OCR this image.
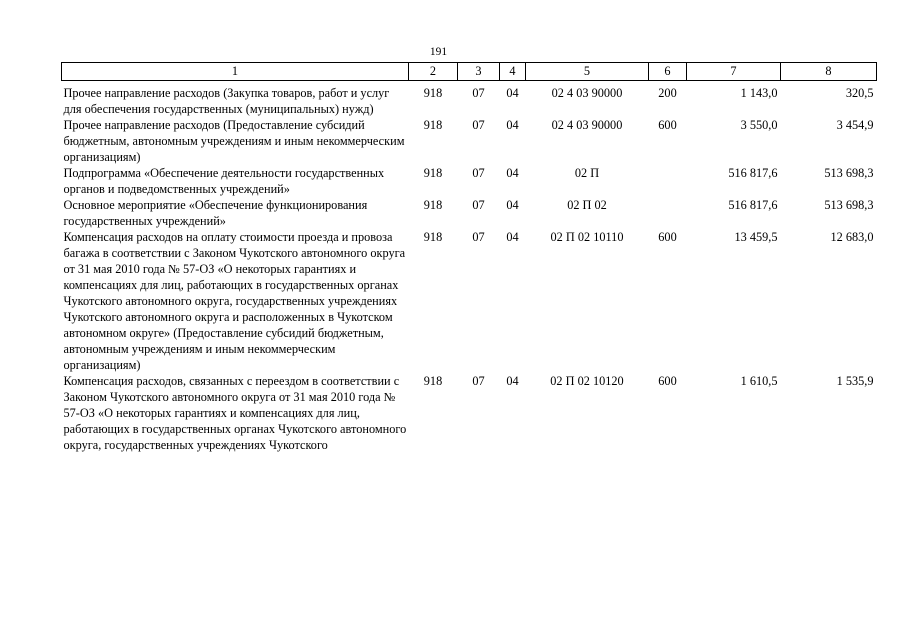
191
1	2	3	4	5	6	7	8
Прочее направление расходов (Закупка товаров, работ и услуг для обеспечения государственных (муниципальных) нужд)	918	07	04	02 4 03 90000	200	1 143,0	320,5
Прочее направление расходов (Предоставление субсидий бюджетным, автономным учреждениям и иным некоммерческим организациям)	918	07	04	02 4 03 90000	600	3 550,0	3 454,9
Подпрограмма «Обеспечение деятельности государственных органов и подведомственных учреждений»	918	07	04	02 П		516 817,6	513 698,3
Основное мероприятие «Обеспечение функционирования государственных учреждений»	918	07	04	02 П 02		516 817,6	513 698,3
Компенсация расходов на оплату стоимости проезда и провоза багажа в соответствии с Законом Чукотского автономного округа от 31 мая 2010 года № 57-ОЗ «О некоторых гарантиях и компенсациях для лиц, работающих в государственных органах Чукотского автономного округа, государственных учреждениях Чукотского автономного округа и расположенных в Чукотском автономном округе» (Предоставление субсидий бюджетным, автономным учреждениям и иным некоммерческим организациям)	918	07	04	02 П 02 10110	600	13 459,5	12 683,0
Компенсация расходов, связанных с переездом в соответствии с Законом Чукотского автономного округа от 31 мая 2010 года № 57-ОЗ «О некоторых гарантиях и компенсациях для лиц, работающих в государственных органах Чукотского автономного округа, государственных учреждениях Чукотского	918	07	04	02 П 02 10120	600	1 610,5	1 535,9
